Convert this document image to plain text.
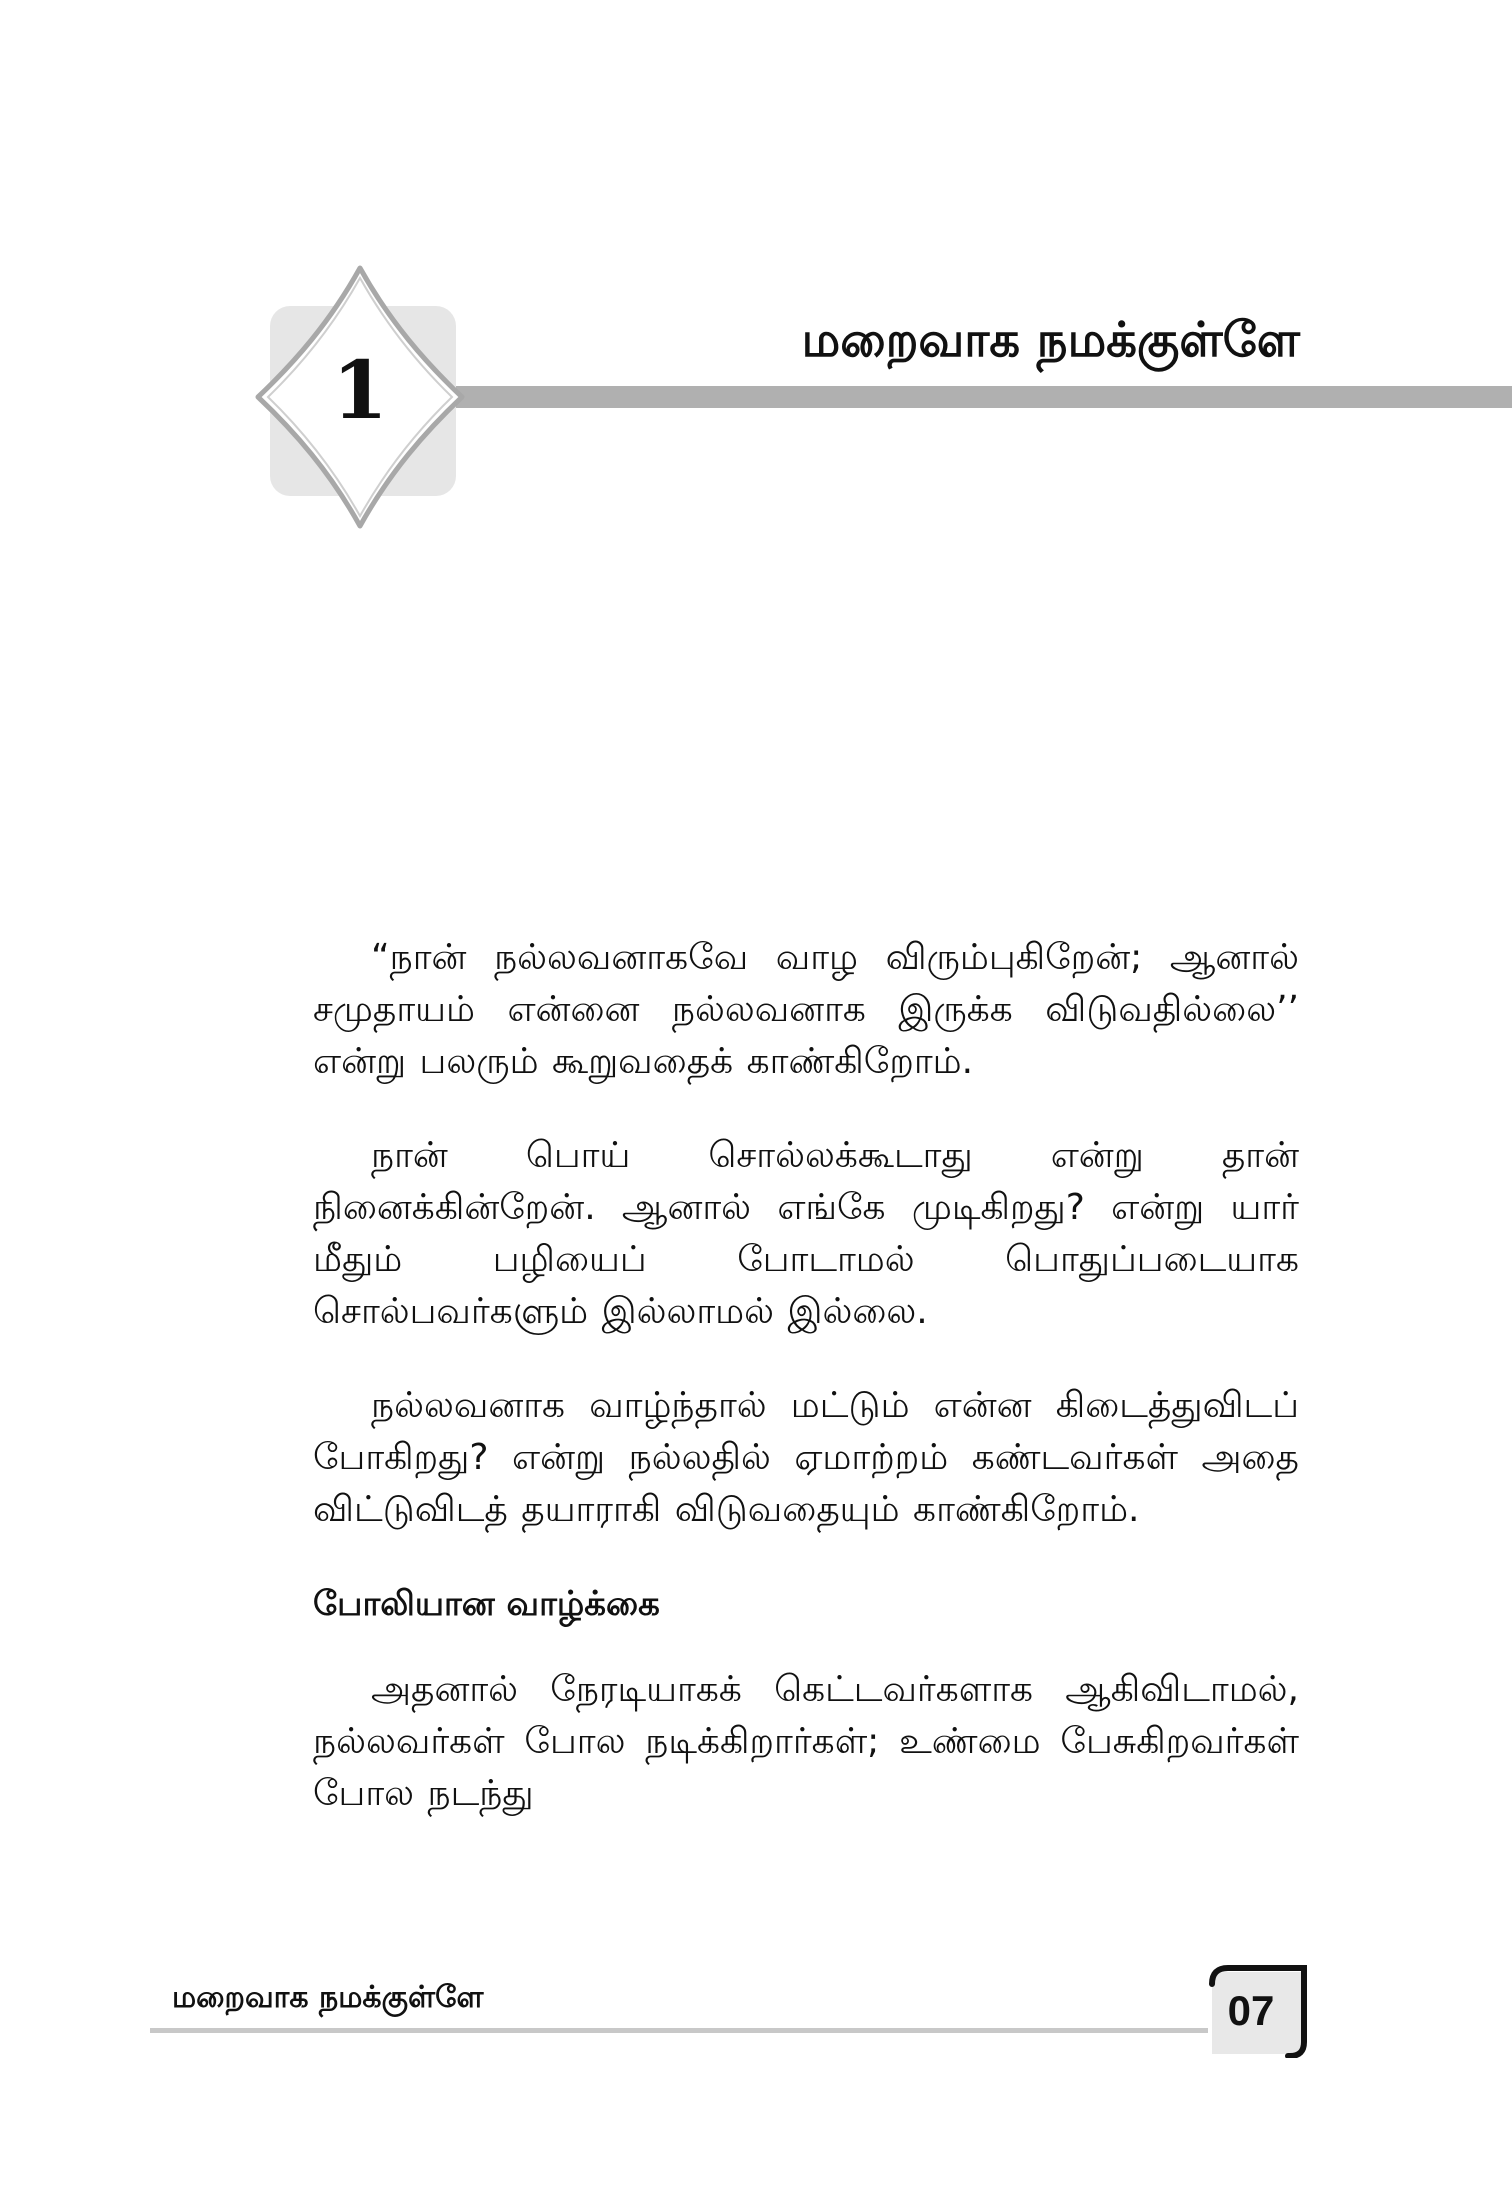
1
மறைவாக நமக்குள்ளே

“நான் நல்லவனாகவே வாழ விரும்புகிறேன்; ஆனால் சமுதாயம் என்னை நல்லவனாக இருக்க விடுவதில்லை’’ என்று பலரும் கூறுவதைக் காண்கிறோம்.

நான் பொய் சொல்லக்கூடாது என்று தான் நினைக்கின்றேன். ஆனால் எங்கே முடிகிறது? என்று யார் மீதும் பழியைப் போடாமல் பொதுப்படையாக சொல்பவர்களும் இல்லாமல் இல்லை.

நல்லவனாக வாழ்ந்தால் மட்டும் என்ன கிடைத்துவிடப் போகிறது? என்று நல்லதில் ஏமாற்றம் கண்டவர்கள் அதை விட்டுவிடத் தயாராகி விடுவதையும் காண்கிறோம்.

போலியான வாழ்க்கை

அதனால் நேரடியாகக் கெட்டவர்களாக ஆகிவிடாமல், நல்லவர்கள் போல நடிக்கிறார்கள்; உண்மை பேசுகிறவர்கள் போல நடந்து

மறைவாக நமக்குள்ளே	07
